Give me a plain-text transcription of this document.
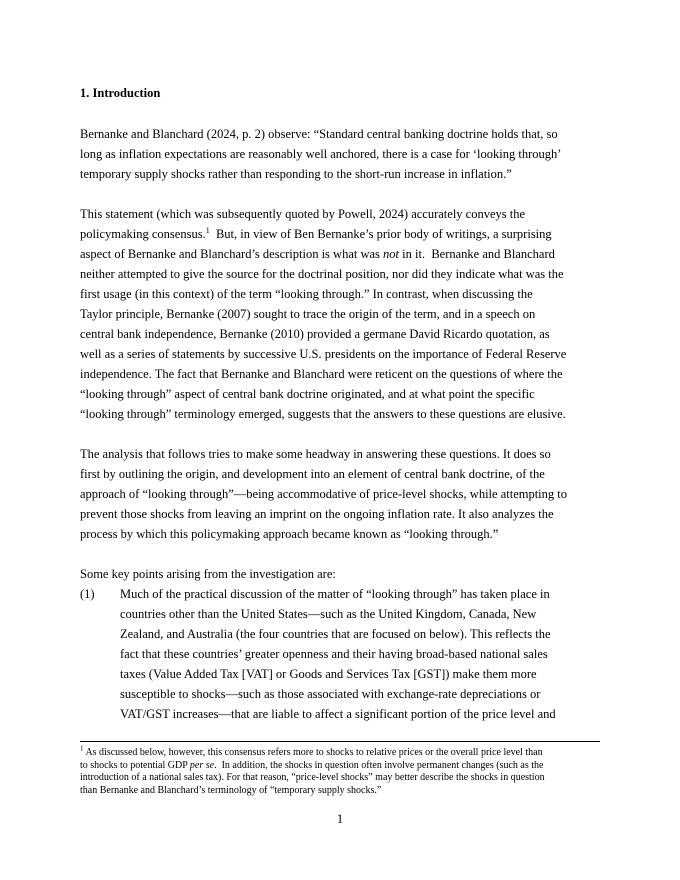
1. Introduction
Bernanke and Blanchard (2024, p. 2) observe: “Standard central banking doctrine holds that, so
long as inflation expectations are reasonably well anchored, there is a case for ‘looking through’
temporary supply shocks rather than responding to the short-run increase in inflation.”
This statement (which was subsequently quoted by Powell, 2024) accurately conveys the
policymaking consensus.$^1$  But, in view of Ben Bernanke’s prior body of writings, a surprising
aspect of Bernanke and Blanchard’s description is what was not in it.  Bernanke and Blanchard
neither attempted to give the source for the doctrinal position, nor did they indicate what was the
first usage (in this context) of the term “looking through.” In contrast, when discussing the
Taylor principle, Bernanke (2007) sought to trace the origin of the term, and in a speech on
central bank independence, Bernanke (2010) provided a germane David Ricardo quotation, as
well as a series of statements by successive U.S. presidents on the importance of Federal Reserve
independence. The fact that Bernanke and Blanchard were reticent on the questions of where the
“looking through” aspect of central bank doctrine originated, and at what point the specific
“looking through” terminology emerged, suggests that the answers to these questions are elusive.
The analysis that follows tries to make some headway in answering these questions. It does so
first by outlining the origin, and development into an element of central bank doctrine, of the
approach of “looking through”—being accommodative of price-level shocks, while attempting to
prevent those shocks from leaving an imprint on the ongoing inflation rate. It also analyzes the
process by which this policymaking approach became known as “looking through.”
Some key points arising from the investigation are:
(1)	Much of the practical discussion of the matter of “looking through” has taken place in
countries other than the United States—such as the United Kingdom, Canada, New
Zealand, and Australia (the four countries that are focused on below). This reflects the
fact that these countries’ greater openness and their having broad-based national sales
taxes (Value Added Tax [VAT] or Goods and Services Tax [GST]) make them more
susceptible to shocks—such as those associated with exchange-rate depreciations or
VAT/GST increases—that are liable to affect a significant portion of the price level and
$^1$ As discussed below, however, this consensus refers more to shocks to relative prices or the overall price level than
to shocks to potential GDP per se.  In addition, the shocks in question often involve permanent changes (such as the
introduction of a national sales tax). For that reason, “price-level shocks” may better describe the shocks in question
than Bernanke and Blanchard’s terminology of “temporary supply shocks.”
1
